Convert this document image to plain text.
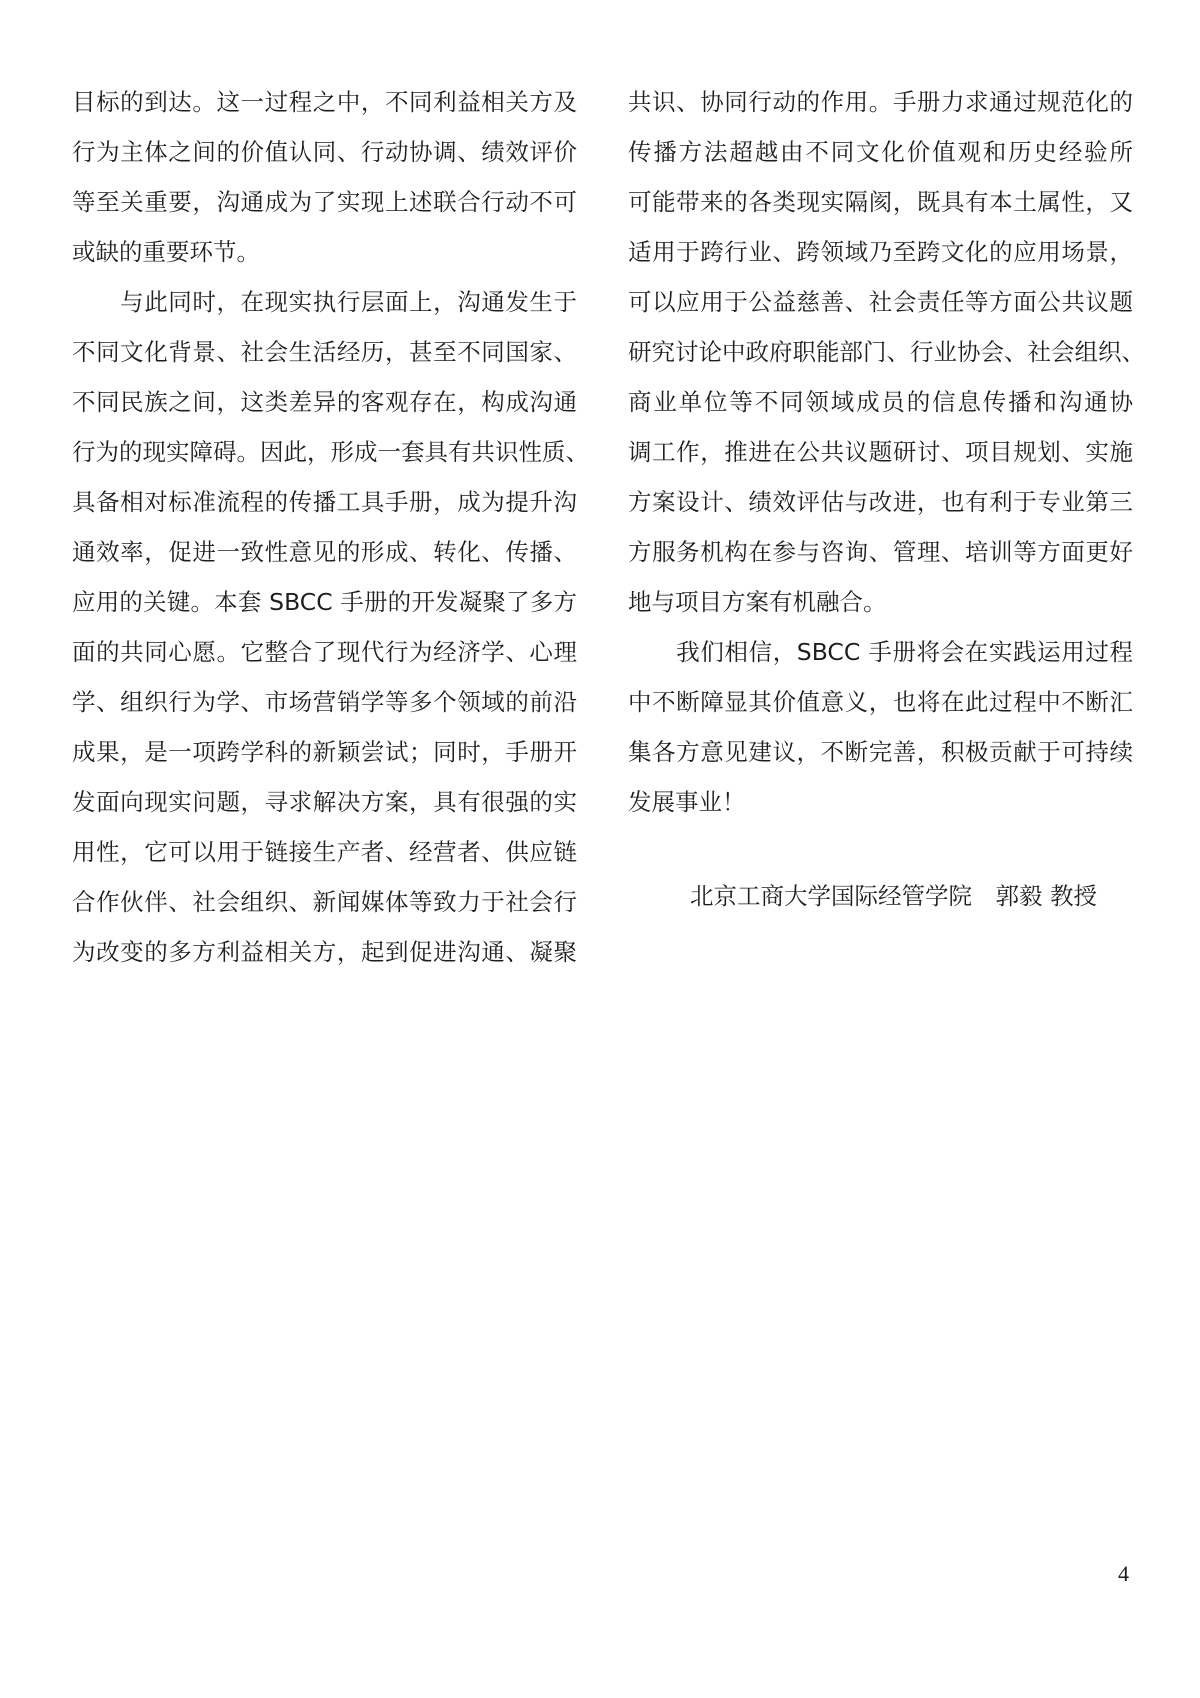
目标的到达。这一过程之中，不同利益相关方及
行为主体之间的价值认同、行动协调、绩效评价
等至关重要，沟通成为了实现上述联合行动不可
或缺的重要环节。
　　与此同时，在现实执行层面上，沟通发生于
不同文化背景、社会生活经历，甚至不同国家、
不同民族之间，这类差异的客观存在，构成沟通
行为的现实障碍。因此，形成一套具有共识性质、
具备相对标准流程的传播工具手册，成为提升沟
通效率，促进一致性意见的形成、转化、传播、
应用的关键。本套 SBCC 手册的开发凝聚了多方
面的共同心愿。它整合了现代行为经济学、心理
学、组织行为学、市场营销学等多个领域的前沿
成果，是一项跨学科的新颖尝试；同时，手册开
发面向现实问题，寻求解决方案，具有很强的实
用性，它可以用于链接生产者、经营者、供应链
合作伙伴、社会组织、新闻媒体等致力于社会行
为改变的多方利益相关方，起到促进沟通、凝聚
共识、协同行动的作用。手册力求通过规范化的
传播方法超越由不同文化价值观和历史经验所
可能带来的各类现实隔阂，既具有本土属性，又
适用于跨行业、跨领域乃至跨文化的应用场景，
可以应用于公益慈善、社会责任等方面公共议题
研究讨论中政府职能部门、行业协会、社会组织、
商业单位等不同领域成员的信息传播和沟通协
调工作，推进在公共议题研讨、项目规划、实施
方案设计、绩效评估与改进，也有利于专业第三
方服务机构在参与咨询、管理、培训等方面更好
地与项目方案有机融合。
　　我们相信，SBCC 手册将会在实践运用过程
中不断障显其价值意义，也将在此过程中不断汇
集各方意见建议，不断完善，积极贡献于可持续
发展事业！
北京工商大学国际经管学院　郭毅 教授
4
